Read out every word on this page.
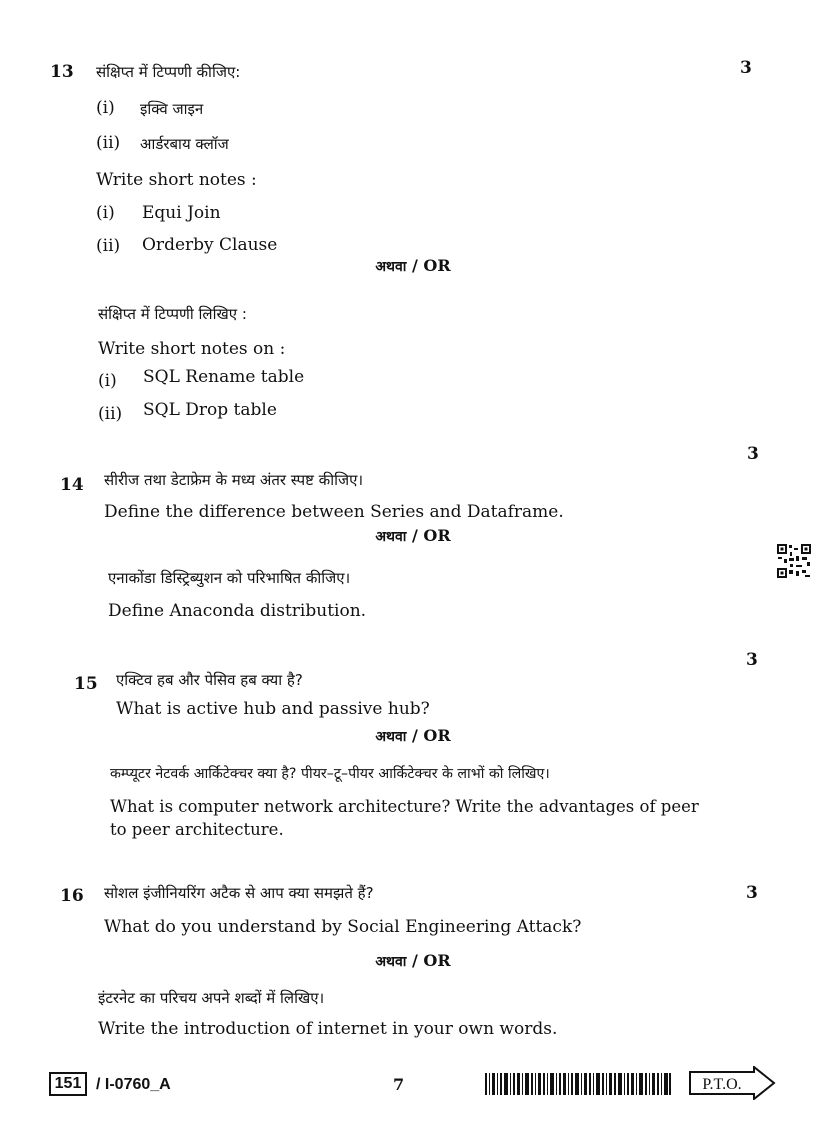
13 संक्षिप्त में टिप्पणी कीजिए:	3
(i) इक्वि जाइन
(ii) आर्डरबाय क्लॉज
Write short notes :
(i) Equi Join
(ii) Orderby Clause
अथवा / OR
संक्षिप्त में टिप्पणी लिखिए :
Write short notes on :
(i) SQL Rename table
(ii) SQL Drop table
3
14 सीरीज तथा डेटाफ्रेम के मध्य अंतर स्पष्ट कीजिए।
Define the difference between Series and Dataframe.
अथवा / OR
एनाकोंडा डिस्ट्रिब्युशन को परिभाषित कीजिए।
Define Anaconda distribution.
3
15 एक्टिव हब और पेसिव हब क्या है?
What is active hub and passive hub?
अथवा / OR
कम्प्यूटर नेटवर्क आर्किटेक्चर क्या है? पीयर–टू–पीयर आर्किटेक्चर के लाभों को लिखिए।
What is computer network architecture? Write the advantages of peer
to peer architecture.
16 सोशल इंजीनियरिंग अटैक से आप क्या समझते हैं?	3
What do you understand by Social Engineering Attack?
अथवा / OR
इंटरनेट का परिचय अपने शब्दों में लिखिए।
Write the introduction of internet in your own words.
151 / I-0760_A	7	P.T.O.
